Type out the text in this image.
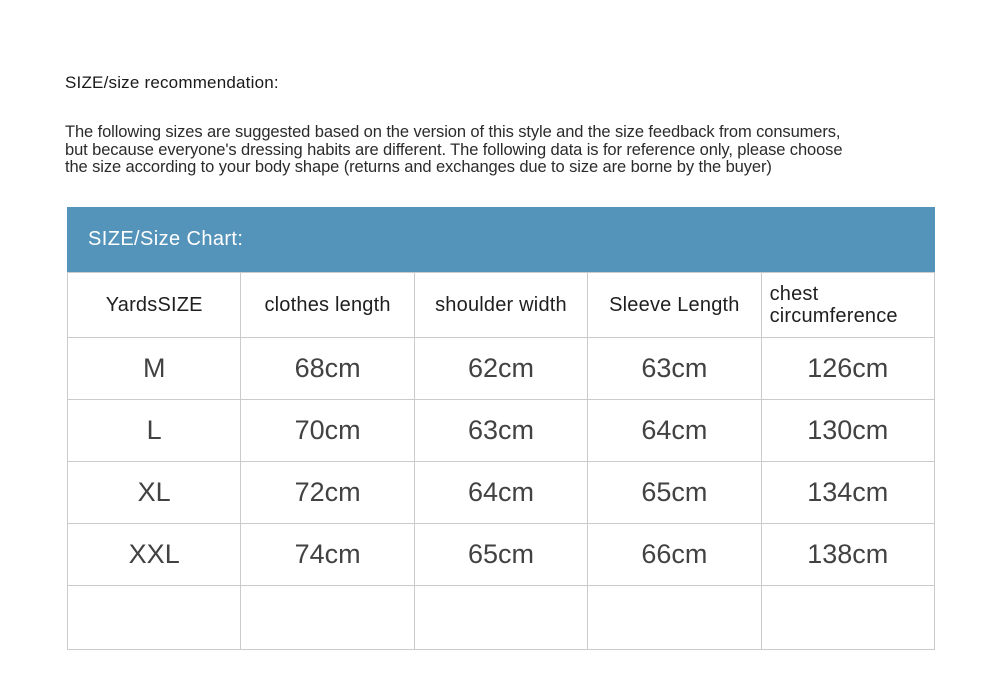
SIZE/size recommendation:
The following sizes are suggested based on the version of this style and the size feedback from consumers,
but because everyone's dressing habits are different. The following data is for reference only, please choose
the size according to your body shape (returns and exchanges due to size are borne by the buyer)
SIZE/Size Chart:
YardsSIZE	clothes length	shoulder width	Sleeve Length	chest circumference
M	68cm	62cm	63cm	126cm
L	70cm	63cm	64cm	130cm
XL	72cm	64cm	65cm	134cm
XXL	74cm	65cm	66cm	138cm
